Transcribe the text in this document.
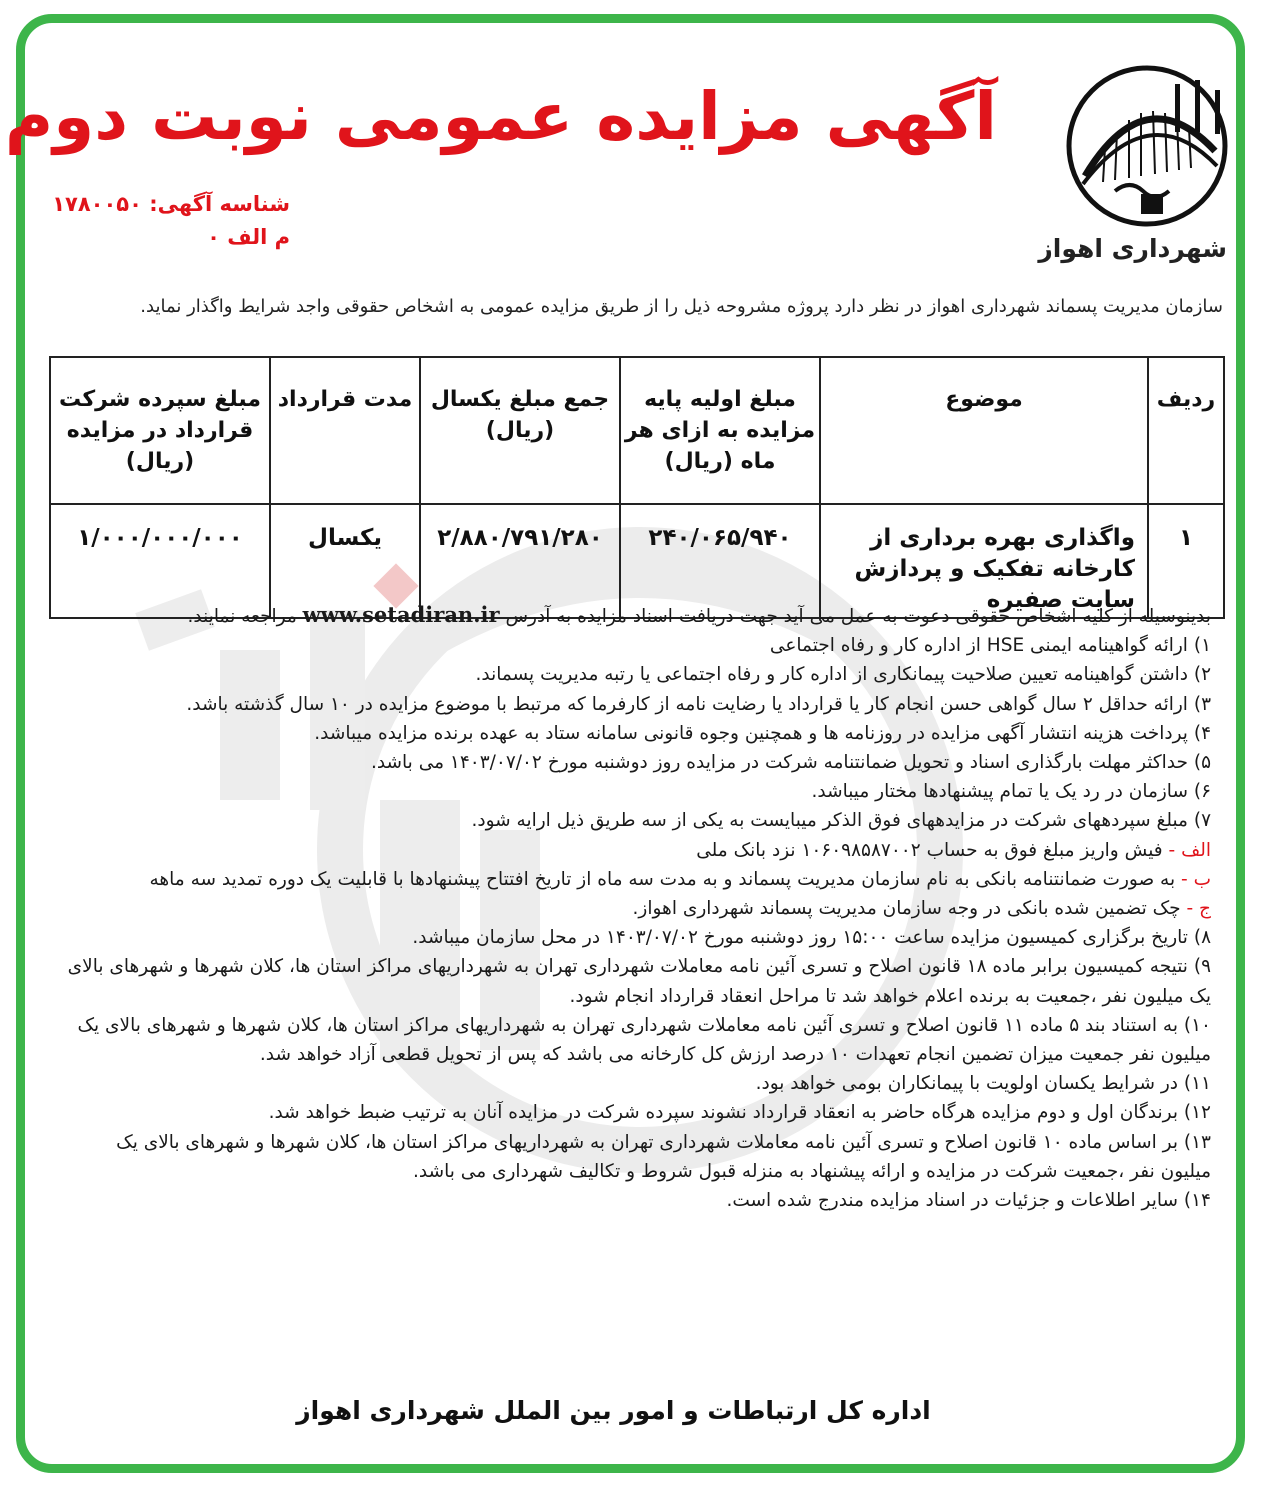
شهرداری اهواز
آگهی مزایده عمومی نوبت دوم
شناسه آگهی: ۱۷۸۰۰۵۰
م الف ۰
سازمان مدیریت پسماند شهرداری اهواز در نظر دارد پروژه مشروحه ذیل را از طریق مزایده عمومی به اشخاص حقوقی واجد شرایط واگذار نماید.
ردیف	موضوع	مبلغ اولیه پایه مزایده به ازای هر ماه (ریال)	جمع مبلغ یکسال (ریال)	مدت قرارداد	مبلغ سپرده شرکت قرارداد در مزایده (ریال)
۱	واگذاری بهره برداری از کارخانه تفکیک و پردازش سایت صفیره	۲۴۰/۰۶۵/۹۴۰	۲/۸۸۰/۷۹۱/۲۸۰	یکسال	۱/۰۰۰/۰۰۰/۰۰۰

بدینوسیله از کلیه اشخاص حقوقی دعوت به عمل می آید جهت دریافت اسناد مزایده به آدرس www.setadiran.ir مراجعه نمایند.

۱) ارائه گواهینامه ایمنی HSE از اداره کار و رفاه اجتماعی

۲) داشتن گواهینامه تعیین صلاحیت پیمانکاری از اداره کار و رفاه اجتماعی یا رتبه مدیریت پسماند.

۳) ارائه حداقل ۲ سال گواهی حسن انجام کار یا قرارداد یا رضایت نامه از کارفرما که مرتبط با موضوع مزایده در ۱۰ سال گذشته باشد.

۴) پرداخت هزینه انتشار آگهی مزایده در روزنامه ها و همچنین وجوه قانونی سامانه ستاد به عهده برنده مزایده میباشد.

۵) حداکثر مهلت بارگذاری اسناد و تحویل ضمانتنامه شرکت در مزایده روز دوشنبه مورخ ۱۴۰۳/۰۷/۰۲ می باشد.

۶) سازمان در رد یک یا تمام پیشنهادها مختار میباشد.

۷) مبلغ سپردههای شرکت در مزایدههای فوق الذکر میبایست به یکی از سه طریق ذیل ارایه شود.

الف - فیش واریز مبلغ فوق به حساب ۱۰۶۰۹۸۵۸۷۰۰۲ نزد بانک ملی

ب - به صورت ضمانتنامه بانکی به نام سازمان مدیریت پسماند و به مدت سه ماه از تاریخ افتتاح پیشنهادها با قابلیت یک دوره تمدید سه ماهه

ج - چک تضمین شده بانکی در وجه سازمان مدیریت پسماند شهرداری اهواز.

۸) تاریخ برگزاری کمیسیون مزایده ساعت ۱۵:۰۰ روز دوشنبه مورخ ۱۴۰۳/۰۷/۰۲ در محل سازمان میباشد.

۹) نتیجه کمیسیون برابر ماده ۱۸ قانون اصلاح و تسری آئین نامه معاملات شهرداری تهران به شهرداریهای مراکز استان ها، کلان شهرها و شهرهای بالای یک میلیون نفر ،جمعیت به برنده اعلام خواهد شد تا مراحل انعقاد قرارداد انجام شود.

۱۰) به استناد بند ۵ ماده ۱۱ قانون اصلاح و تسری آئین نامه معاملات شهرداری تهران به شهرداریهای مراکز استان ها، کلان شهرها و شهرهای بالای یک میلیون نفر جمعیت میزان تضمین انجام تعهدات ۱۰ درصد ارزش کل کارخانه می باشد که پس از تحویل قطعی آزاد خواهد شد.

۱۱) در شرایط یکسان اولویت با پیمانکاران بومی خواهد بود.

۱۲) برندگان اول و دوم مزایده هرگاه حاضر به انعقاد قرارداد نشوند سپرده شرکت در مزایده آنان به ترتیب ضبط خواهد شد.

۱۳) بر اساس ماده ۱۰ قانون اصلاح و تسری آئین نامه معاملات شهرداری تهران به شهرداریهای مراکز استان ها، کلان شهرها و شهرهای بالای یک میلیون نفر ،جمعیت شرکت در مزایده و ارائه پیشنهاد به منزله قبول شروط و تکالیف شهرداری می باشد.

۱۴) سایر اطلاعات و جزئیات در اسناد مزایده مندرج شده است.

اداره کل ارتباطات و امور بین الملل شهرداری اهواز
